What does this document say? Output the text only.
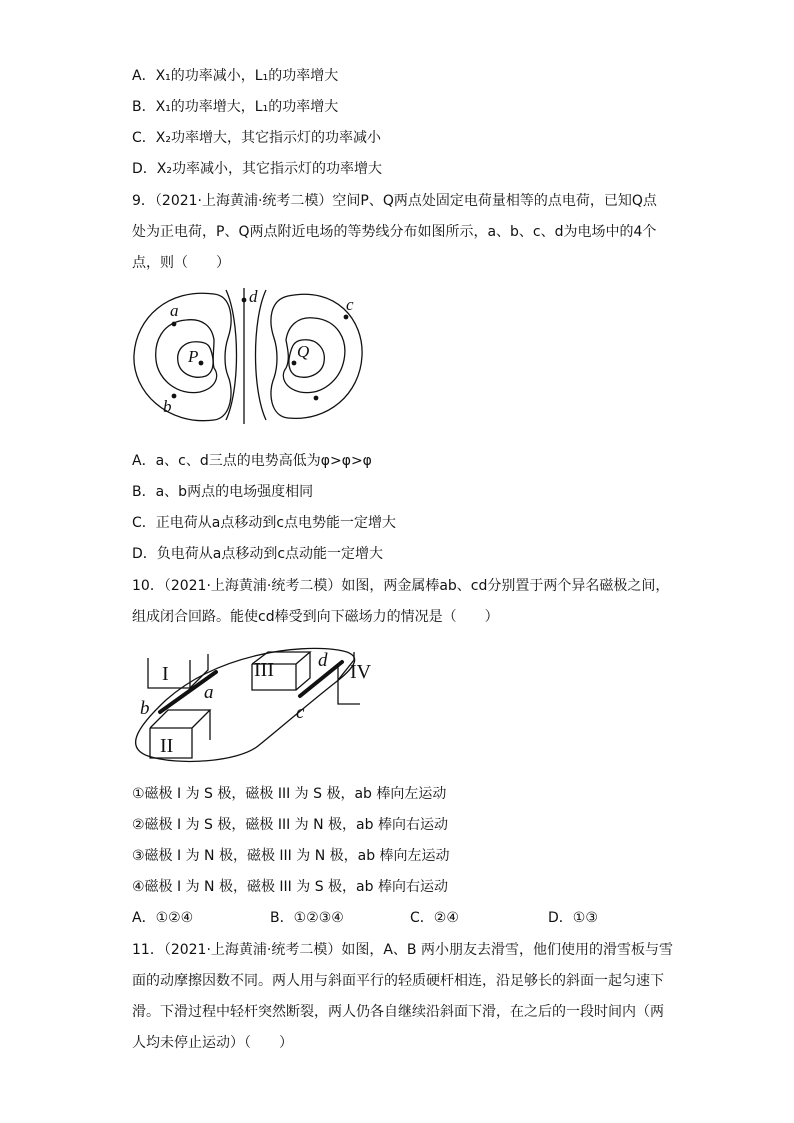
A．X₁的功率减小，L₁的功率增大
B．X₁的功率增大，L₁的功率增大
C．X₂功率增大，其它指示灯的功率减小
D．X₂功率减小，其它指示灯的功率增大
9．（2021·上海黄浦·统考二模）空间P、Q两点处固定电荷量相等的点电荷，已知Q点
处为正电荷，P、Q两点附近电场的等势线分布如图所示，a、b、c、d为电场中的4个
点，则（　　）
a
b
P	Q
c
d
A．a、c、d三点的电势高低为φ>φ>φ
B．a、b两点的电场强度相同
C．正电荷从a点移动到c点电势能一定增大
D．负电荷从a点移动到c点动能一定增大
10．（2021·上海黄浦·统考二模）如图，两金属棒ab、cd分别置于两个异名磁极之间，
组成闭合回路。能使cd棒受到向下磁场力的情况是（　　）
I
II
III	IV
a
b	c
d
①磁极 I 为 S 极，磁极 III 为 S 极，ab 棒向左运动
②磁极 I 为 S 极，磁极 III 为 N 极，ab 棒向右运动
③磁极 I 为 N 极，磁极 III 为 N 极，ab 棒向左运动
④磁极 I 为 N 极，磁极 III 为 S 极，ab 棒向右运动
A．①②④	B．①②③④	C．②④	D．①③
11．（2021·上海黄浦·统考二模）如图，A、B 两小朋友去滑雪，他们使用的滑雪板与雪
面的动摩擦因数不同。两人用与斜面平行的轻质硬杆相连，沿足够长的斜面一起匀速下
滑。下滑过程中轻杆突然断裂，两人仍各自继续沿斜面下滑，在之后的一段时间内（两
人均未停止运动）（　　）
